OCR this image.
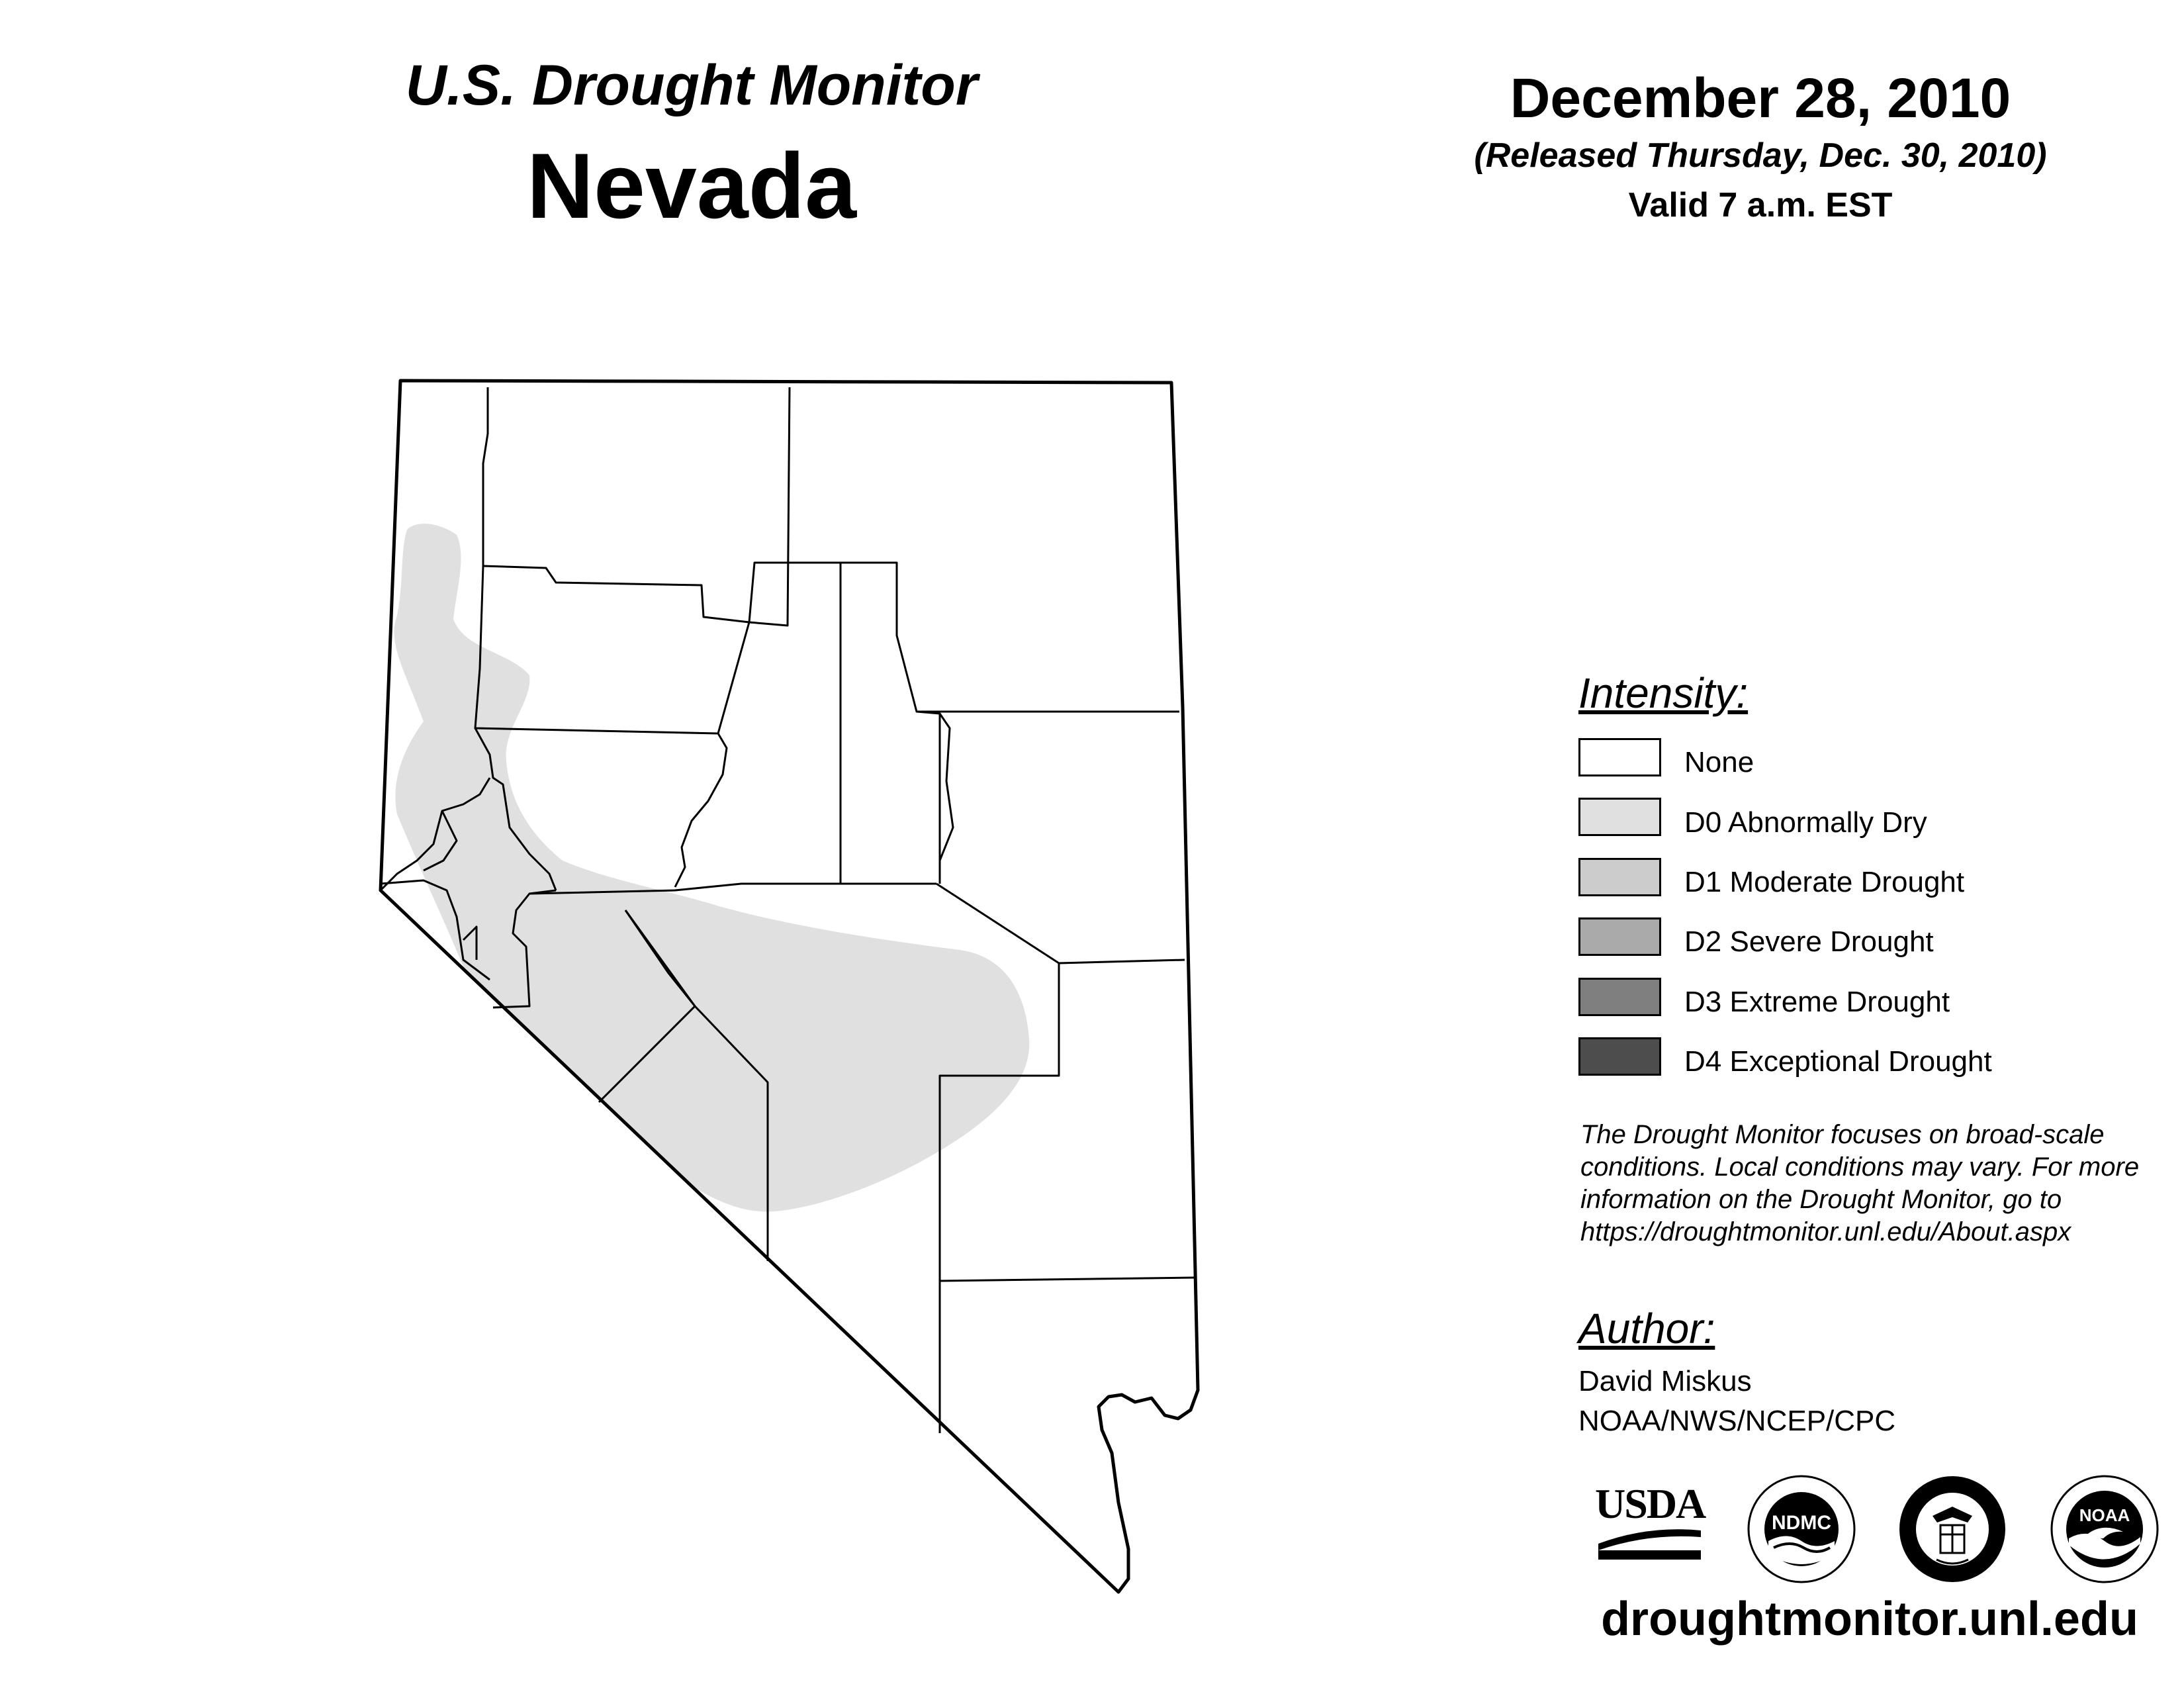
U.S. Drought Monitor
Nevada
December 28, 2010
(Released Thursday, Dec. 30, 2010)
Valid 7 a.m. EST
Intensity:
None
D0 Abnormally Dry
D1 Moderate Drought
D2 Severe Drought
D3 Extreme Drought
D4 Exceptional Drought
The Drought Monitor focuses on broad-scale conditions. Local conditions may vary. For more information on the Drought Monitor, go to https://droughtmonitor.unl.edu/About.aspx
Author:
David Miskus
NOAA/NWS/NCEP/CPC
USDA	NDMC	NOAA
droughtmonitor.unl.edu
